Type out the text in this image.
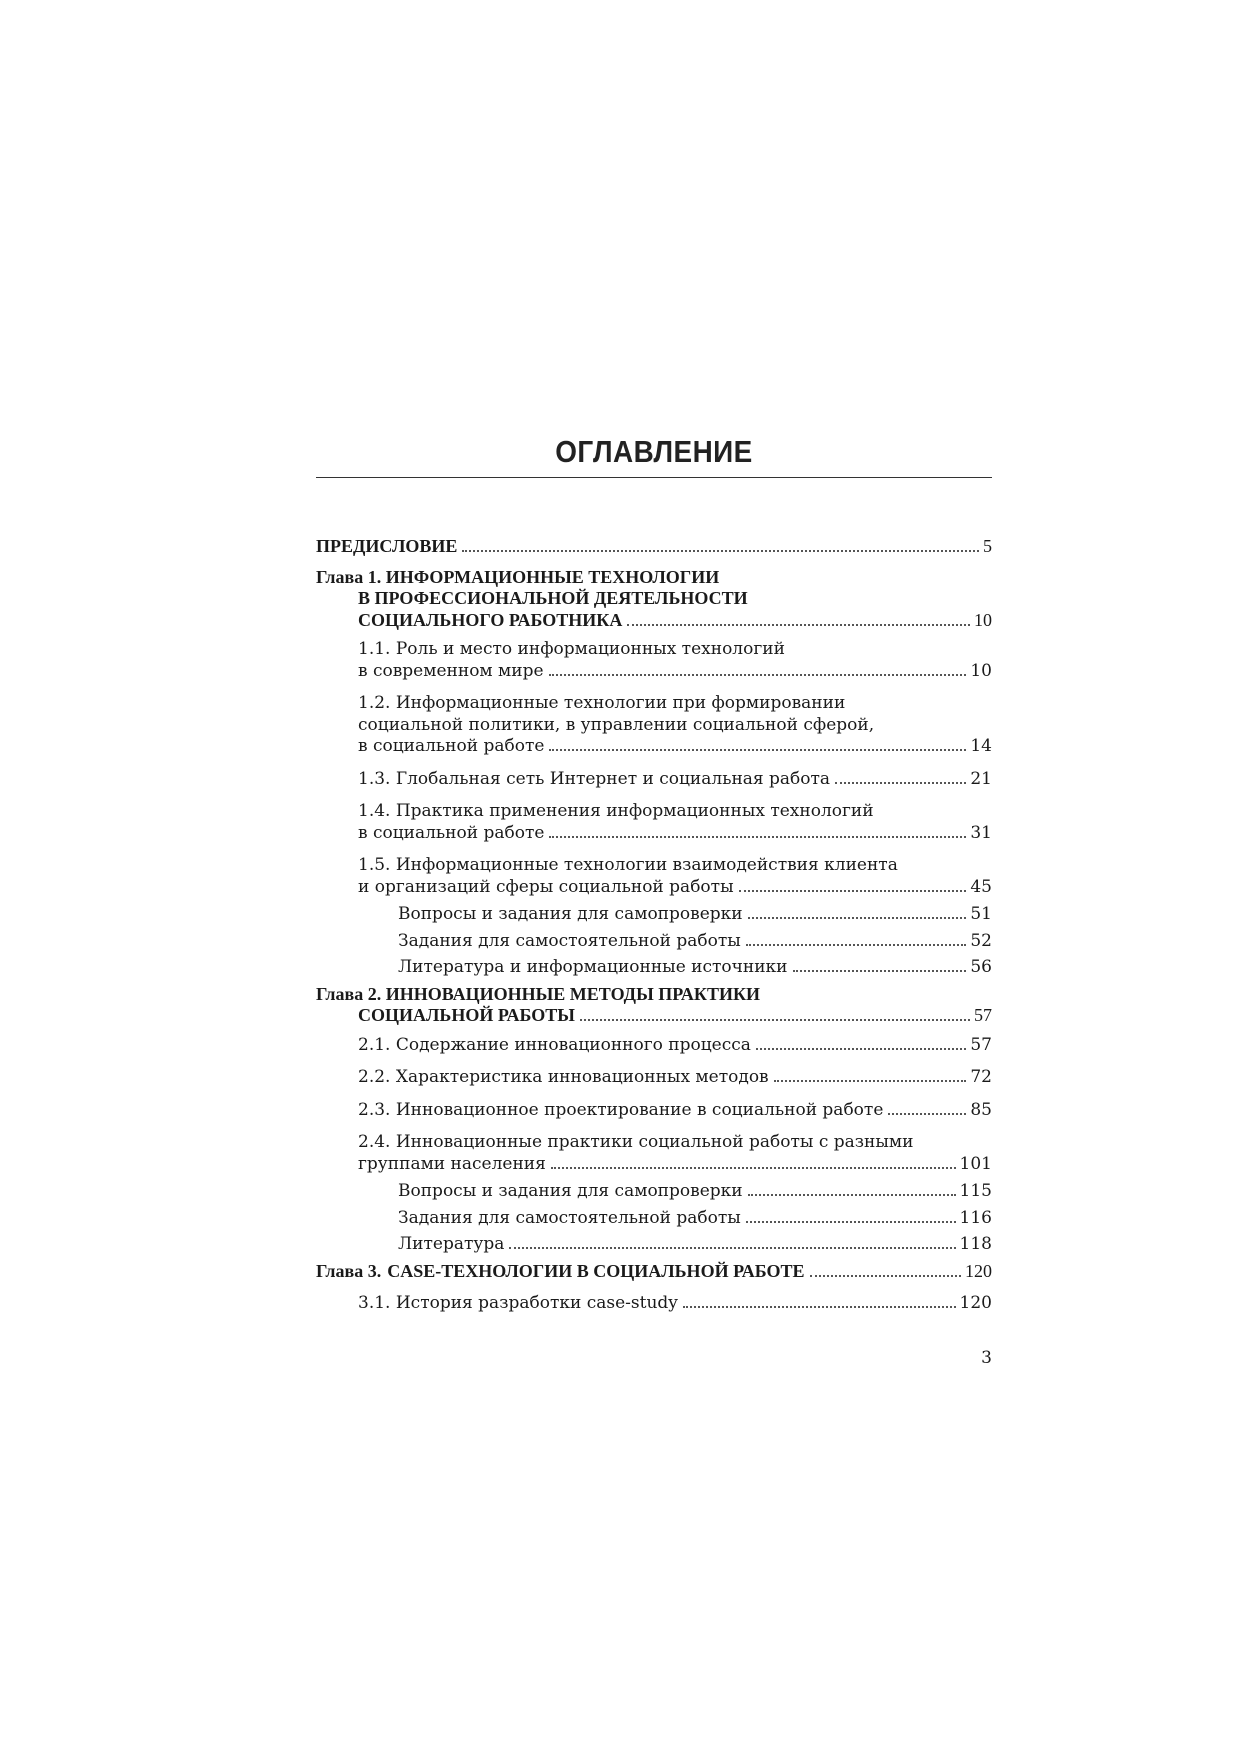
ОГЛАВЛЕНИЕ
ПРЕДИСЛОВИЕ	5
Глава 1. ИНФОРМАЦИОННЫЕ ТЕХНОЛОГИИ
В ПРОФЕССИОНАЛЬНОЙ ДЕЯТЕЛЬНОСТИ
СОЦИАЛЬНОГО РАБОТНИКА	10
1.1. Роль и место информационных технологий
в современном мире	10
1.2. Информационные технологии при формировании
социальной политики, в управлении социальной сферой,
в социальной работе	14
1.3. Глобальная сеть Интернет и социальная работа	21
1.4. Практика применения информационных технологий
в социальной работе	31
1.5. Информационные технологии взаимодействия клиента
и организаций сферы социальной работы	45
Вопросы и задания для самопроверки	51
Задания для самостоятельной работы	52
Литература и информационные источники	56
Глава 2. ИННОВАЦИОННЫЕ МЕТОДЫ ПРАКТИКИ
СОЦИАЛЬНОЙ РАБОТЫ	57
2.1. Содержание инновационного процесса	57
2.2. Характеристика инновационных методов	72
2.3. Инновационное проектирование в социальной работе	85
2.4. Инновационные практики социальной работы с разными
группами населения	101
Вопросы и задания для самопроверки	115
Задания для самостоятельной работы	116
Литература	118
Глава 3. CASE-ТЕХНОЛОГИИ В СОЦИАЛЬНОЙ РАБОТЕ	120
3.1. История разработки case-study	120
3
